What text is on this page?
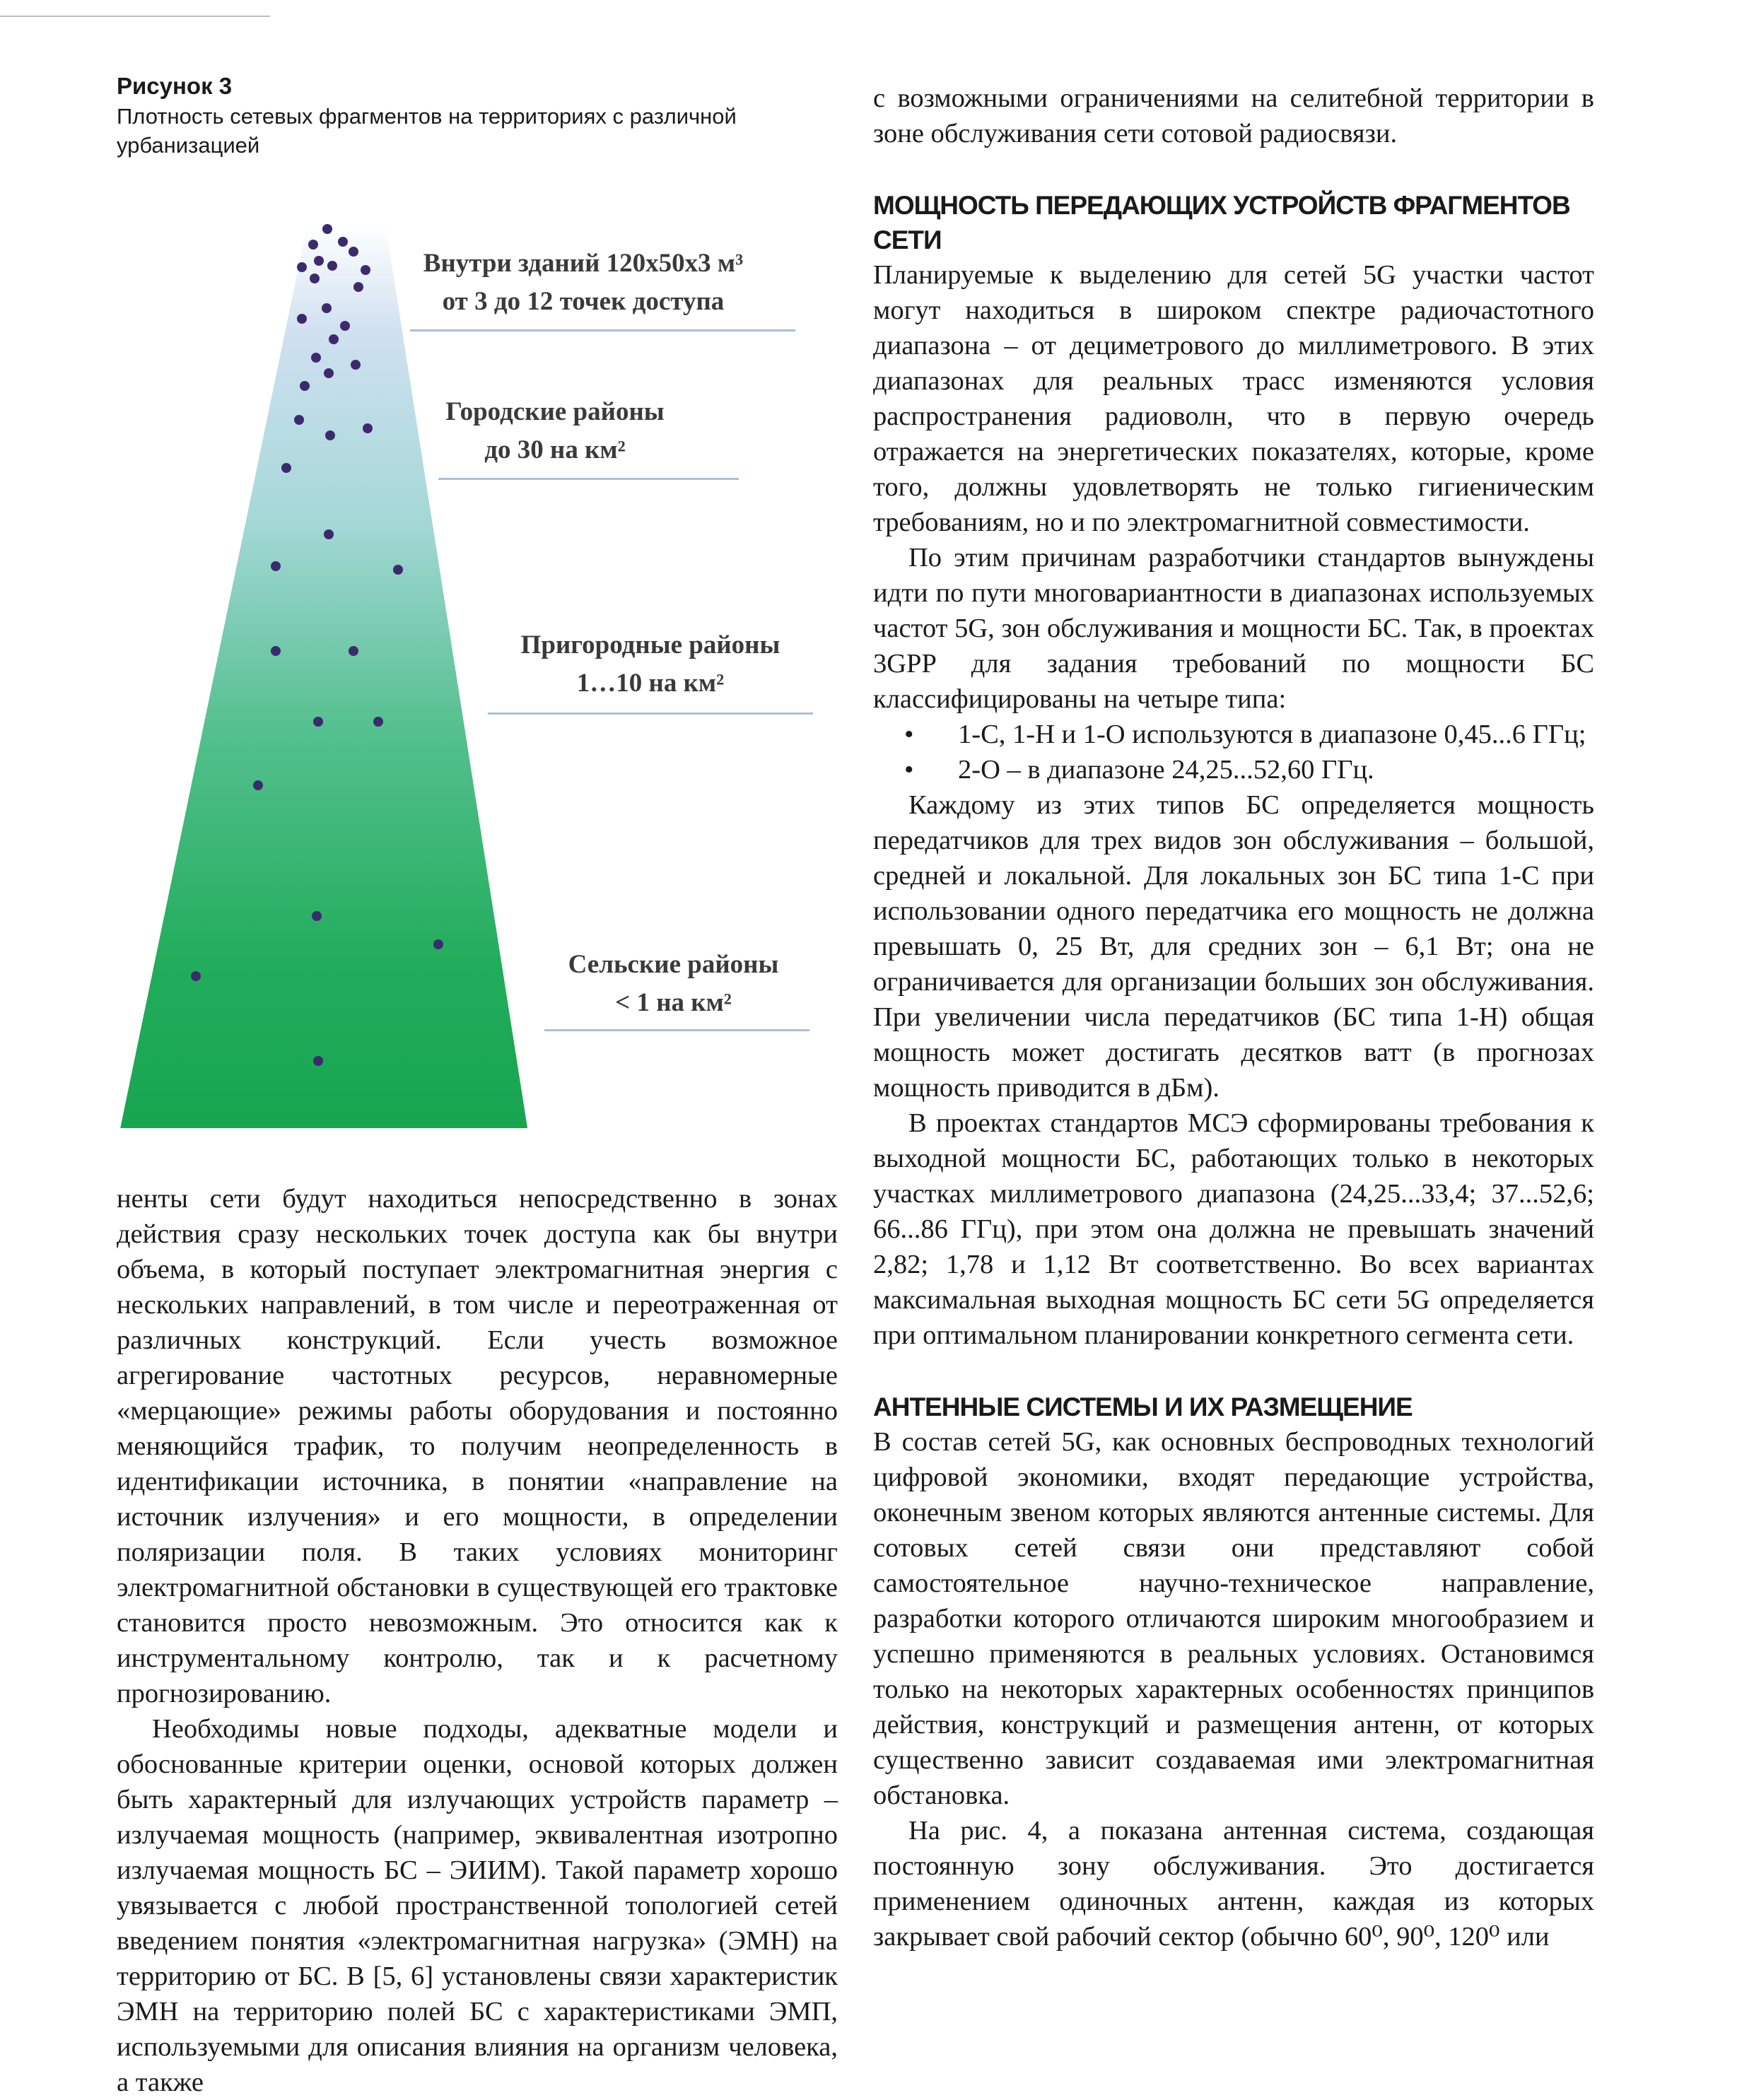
Рисунок 3

Плотность сетевых фрагментов на территориях с различной урбанизацией

Внутри зданий 120х50х3 м³
от 3 до 12 точек доступа
Городские районы
до 30 на км²
Пригородные районы
1…10 на км²
Сельские районы
< 1 на км²

ненты сети будут находиться непосредственно в зонах действия сразу нескольких точек доступа как бы внутри объема, в который поступает электромагнитная энергия с нескольких направлений, в том числе и переотраженная от различных конструкций. Если учесть возможное агрегирование частотных ресурсов, неравномерные «мерцающие» режимы работы оборудования и постоянно меняющийся трафик, то получим неопределенность в идентификации источника, в понятии «направление на источник излучения» и его мощности, в определении поляризации поля. В таких условиях мониторинг электромагнитной обстановки в существующей его трактовке становится просто невозможным. Это относится как к инструментальному контролю, так и к расчетному прогнозированию.

Необходимы новые подходы, адекватные модели и обоснованные критерии оценки, основой которых должен быть характерный для излучающих устройств параметр – излучаемая мощность (например, эквивалентная изотропно излучаемая мощность БС – ЭИИМ). Такой параметр хорошо увязывается с любой пространственной топологией сетей введением понятия «электромагнитная нагрузка» (ЭМН) на территорию от БС. В [5, 6] установлены связи характеристик ЭМН на территорию полей БС с характеристиками ЭМП, используемыми для описания влияния на организм человека, а также

с возможными ограничениями на селитебной территории в зоне обслуживания сети сотовой радиосвязи.

МОЩНОСТЬ ПЕРЕДАЮЩИХ УСТРОЙСТВ ФРАГМЕНТОВ СЕТИ

Планируемые к выделению для сетей 5G участки частот могут находиться в широком спектре радиочастотного диапазона – от дециметрового до миллиметрового. В этих диапазонах для реальных трасс изменяются условия распространения радиоволн, что в первую очередь отражается на энергетических показателях, которые, кроме того, должны удовлетворять не только гигиеническим требованиям, но и по электромагнитной совместимости.

По этим причинам разработчики стандартов вынуждены идти по пути многовариантности в диапазонах используемых частот 5G, зон обслуживания и мощности БС. Так, в проектах 3GPP для задания требований по мощности БС классифицированы на четыре типа:

• 1-С, 1-Н и 1-О используются в диапазоне 0,45...6 ГГц;
• 2-О – в диапазоне 24,25...52,60 ГГц.

Каждому из этих типов БС определяется мощность передатчиков для трех видов зон обслуживания – большой, средней и локальной. Для локальных зон БС типа 1-С при использовании одного передатчика его мощность не должна превышать 0, 25 Вт, для средних зон – 6,1 Вт; она не ограничивается для организации больших зон обслуживания. При увеличении числа передатчиков (БС типа 1-Н) общая мощность может достигать десятков ватт (в прогнозах мощность приводится в дБм).

В проектах стандартов МСЭ сформированы требования к выходной мощности БС, работающих только в некоторых участках миллиметрового диапазона (24,25...33,4; 37...52,6; 66...86 ГГц), при этом она должна не превышать значений 2,82; 1,78 и 1,12 Вт соответственно. Во всех вариантах максимальная выходная мощность БС сети 5G определяется при оптимальном планировании конкретного сегмента сети.

АНТЕННЫЕ СИСТЕМЫ И ИХ РАЗМЕЩЕНИЕ

В состав сетей 5G, как основных беспроводных технологий цифровой экономики, входят передающие устройства, оконечным звеном которых являются антенные системы. Для сотовых сетей связи они представляют собой самостоятельное научно-техническое направление, разработки которого отличаются широким многообразием и успешно применяются в реальных условиях. Остановимся только на некоторых характерных особенностях принципов действия, конструкций и размещения антенн, от которых существенно зависит создаваемая ими электромагнитная обстановка.

На рис. 4, а показана антенная система, создающая постоянную зону обслуживания. Это достигается применением одиночных антенн, каждая из которых закрывает свой рабочий сектор (обычно 60⁰, 90⁰, 120⁰ или
